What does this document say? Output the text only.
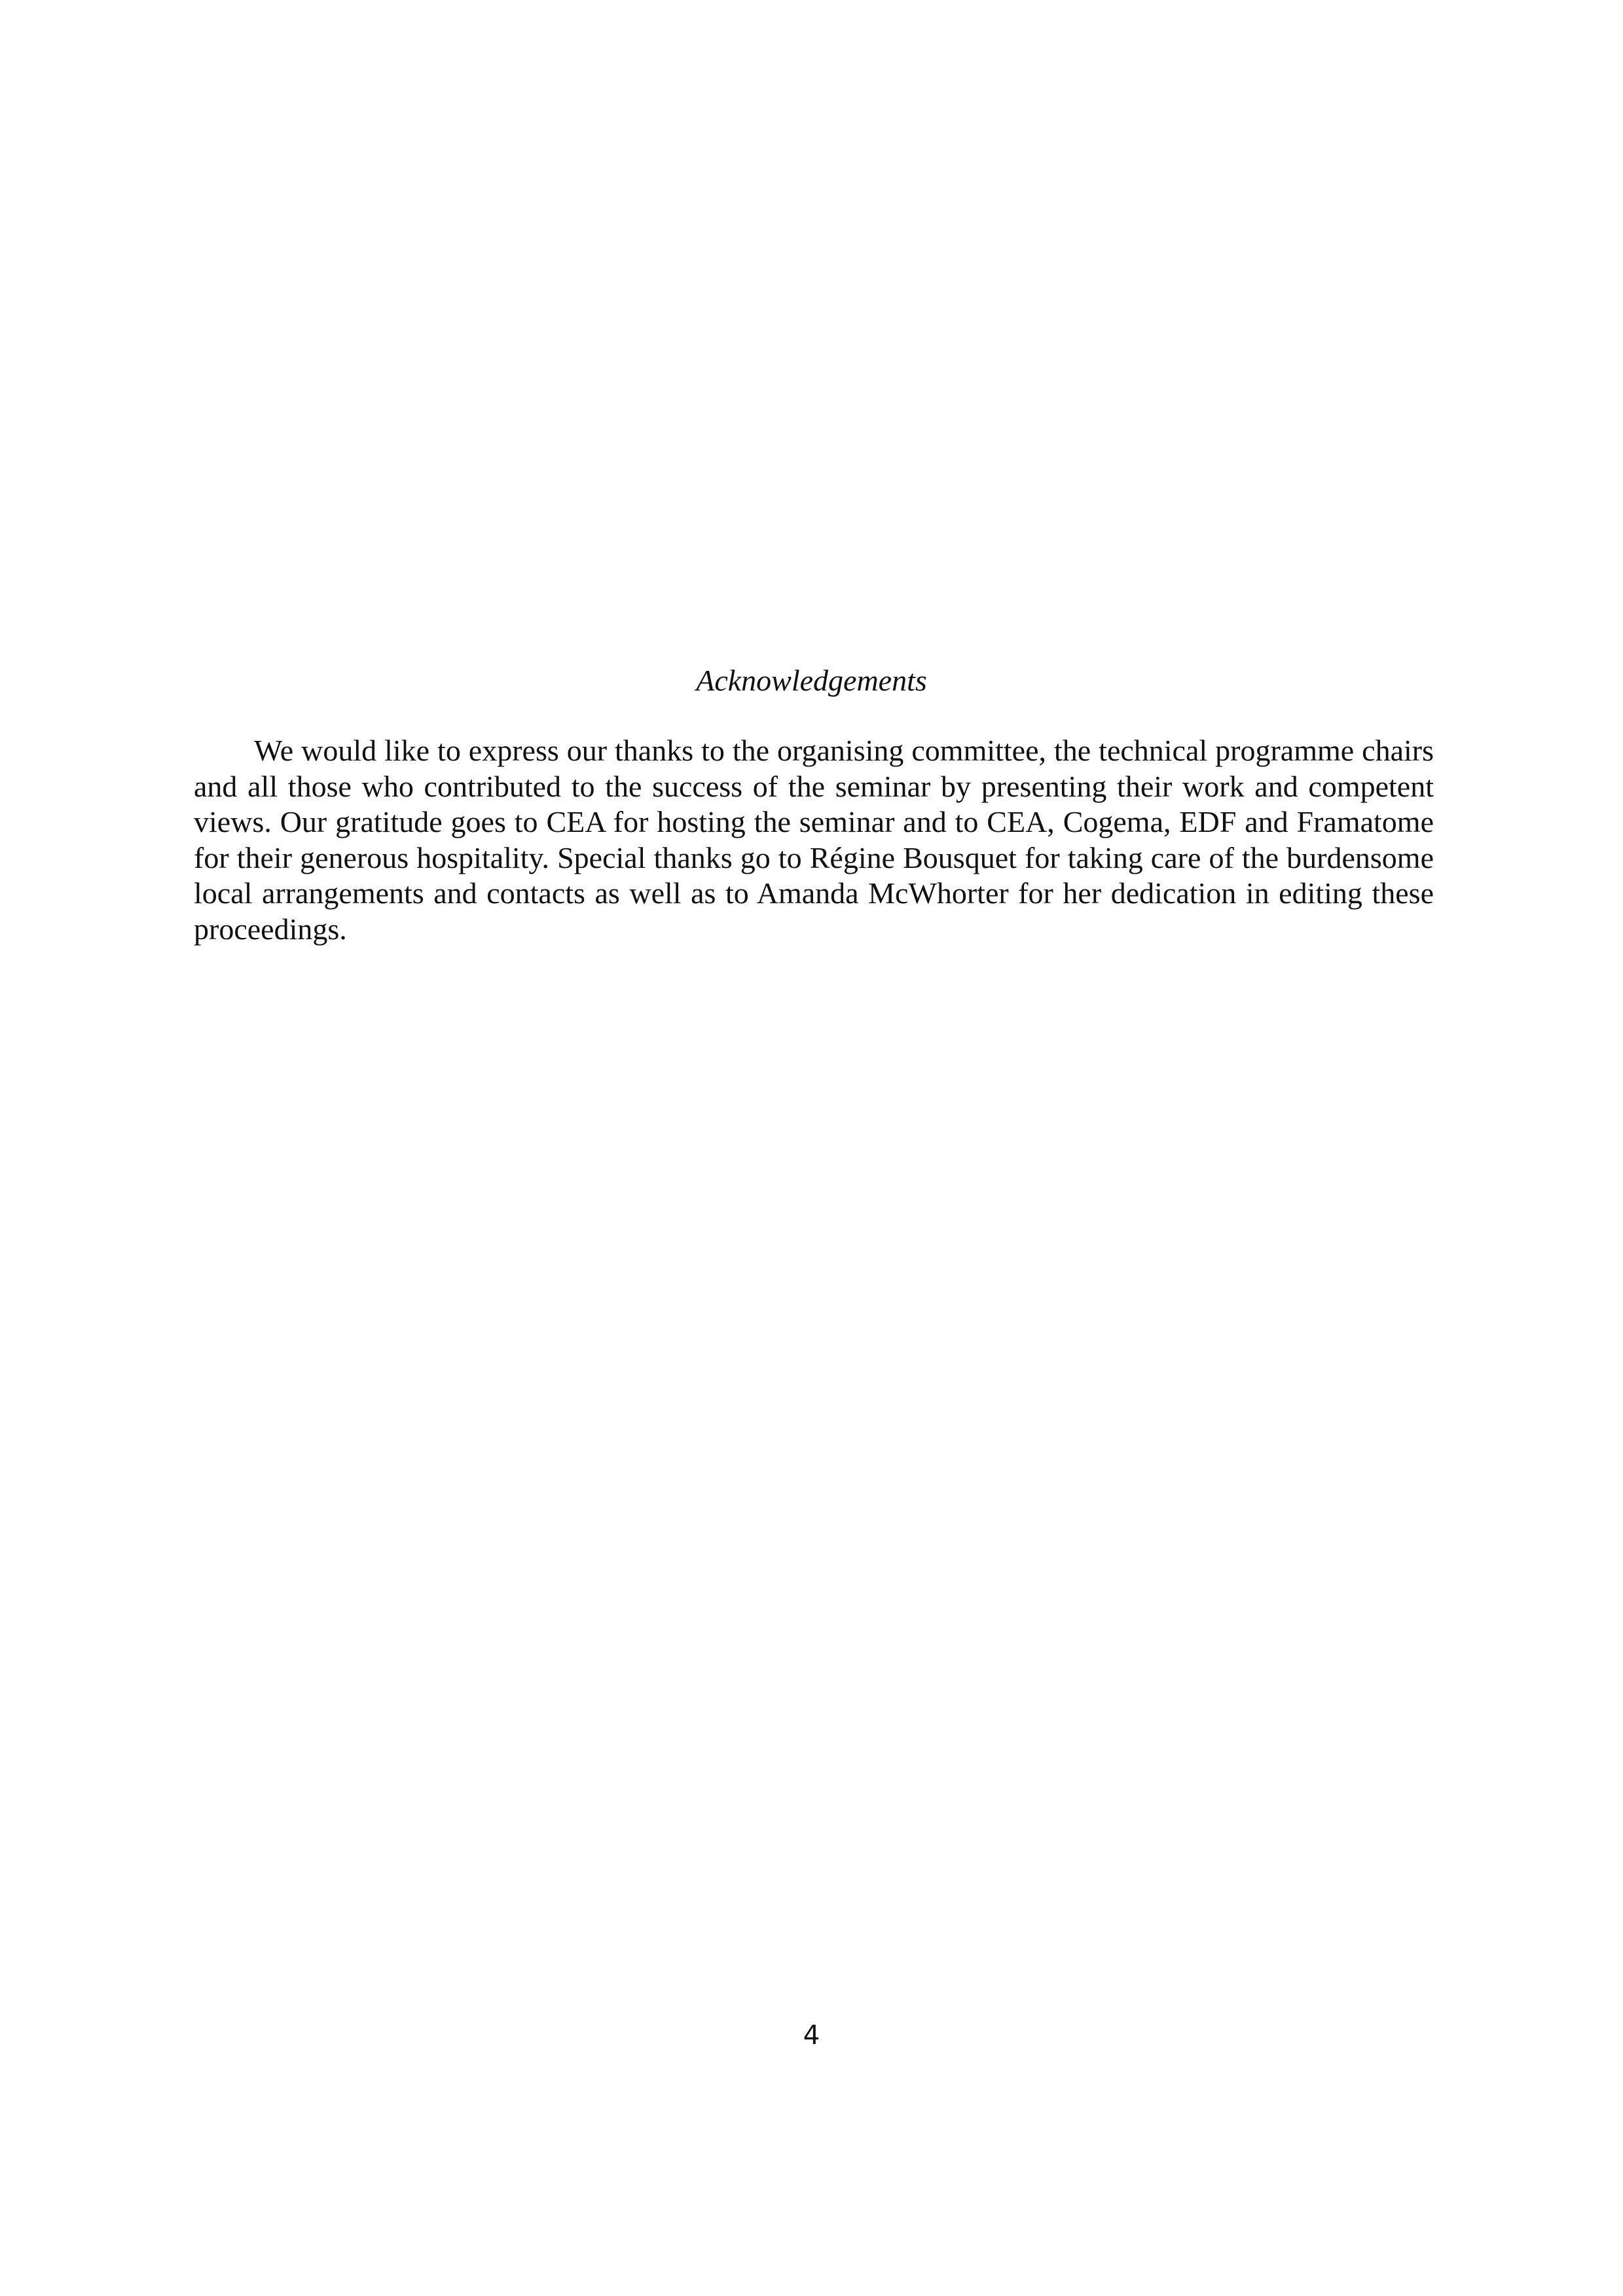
Acknowledgements

We would like to express our thanks to the organising committee, the technical programme chairs and all those who contributed to the success of the seminar by presenting their work and competent views. Our gratitude goes to CEA for hosting the seminar and to CEA, Cogema, EDF and Framatome for their generous hospitality. Special thanks go to Régine Bousquet for taking care of the burdensome local arrangements and contacts as well as to Amanda McWhorter for her dedication in editing these proceedings.

4
